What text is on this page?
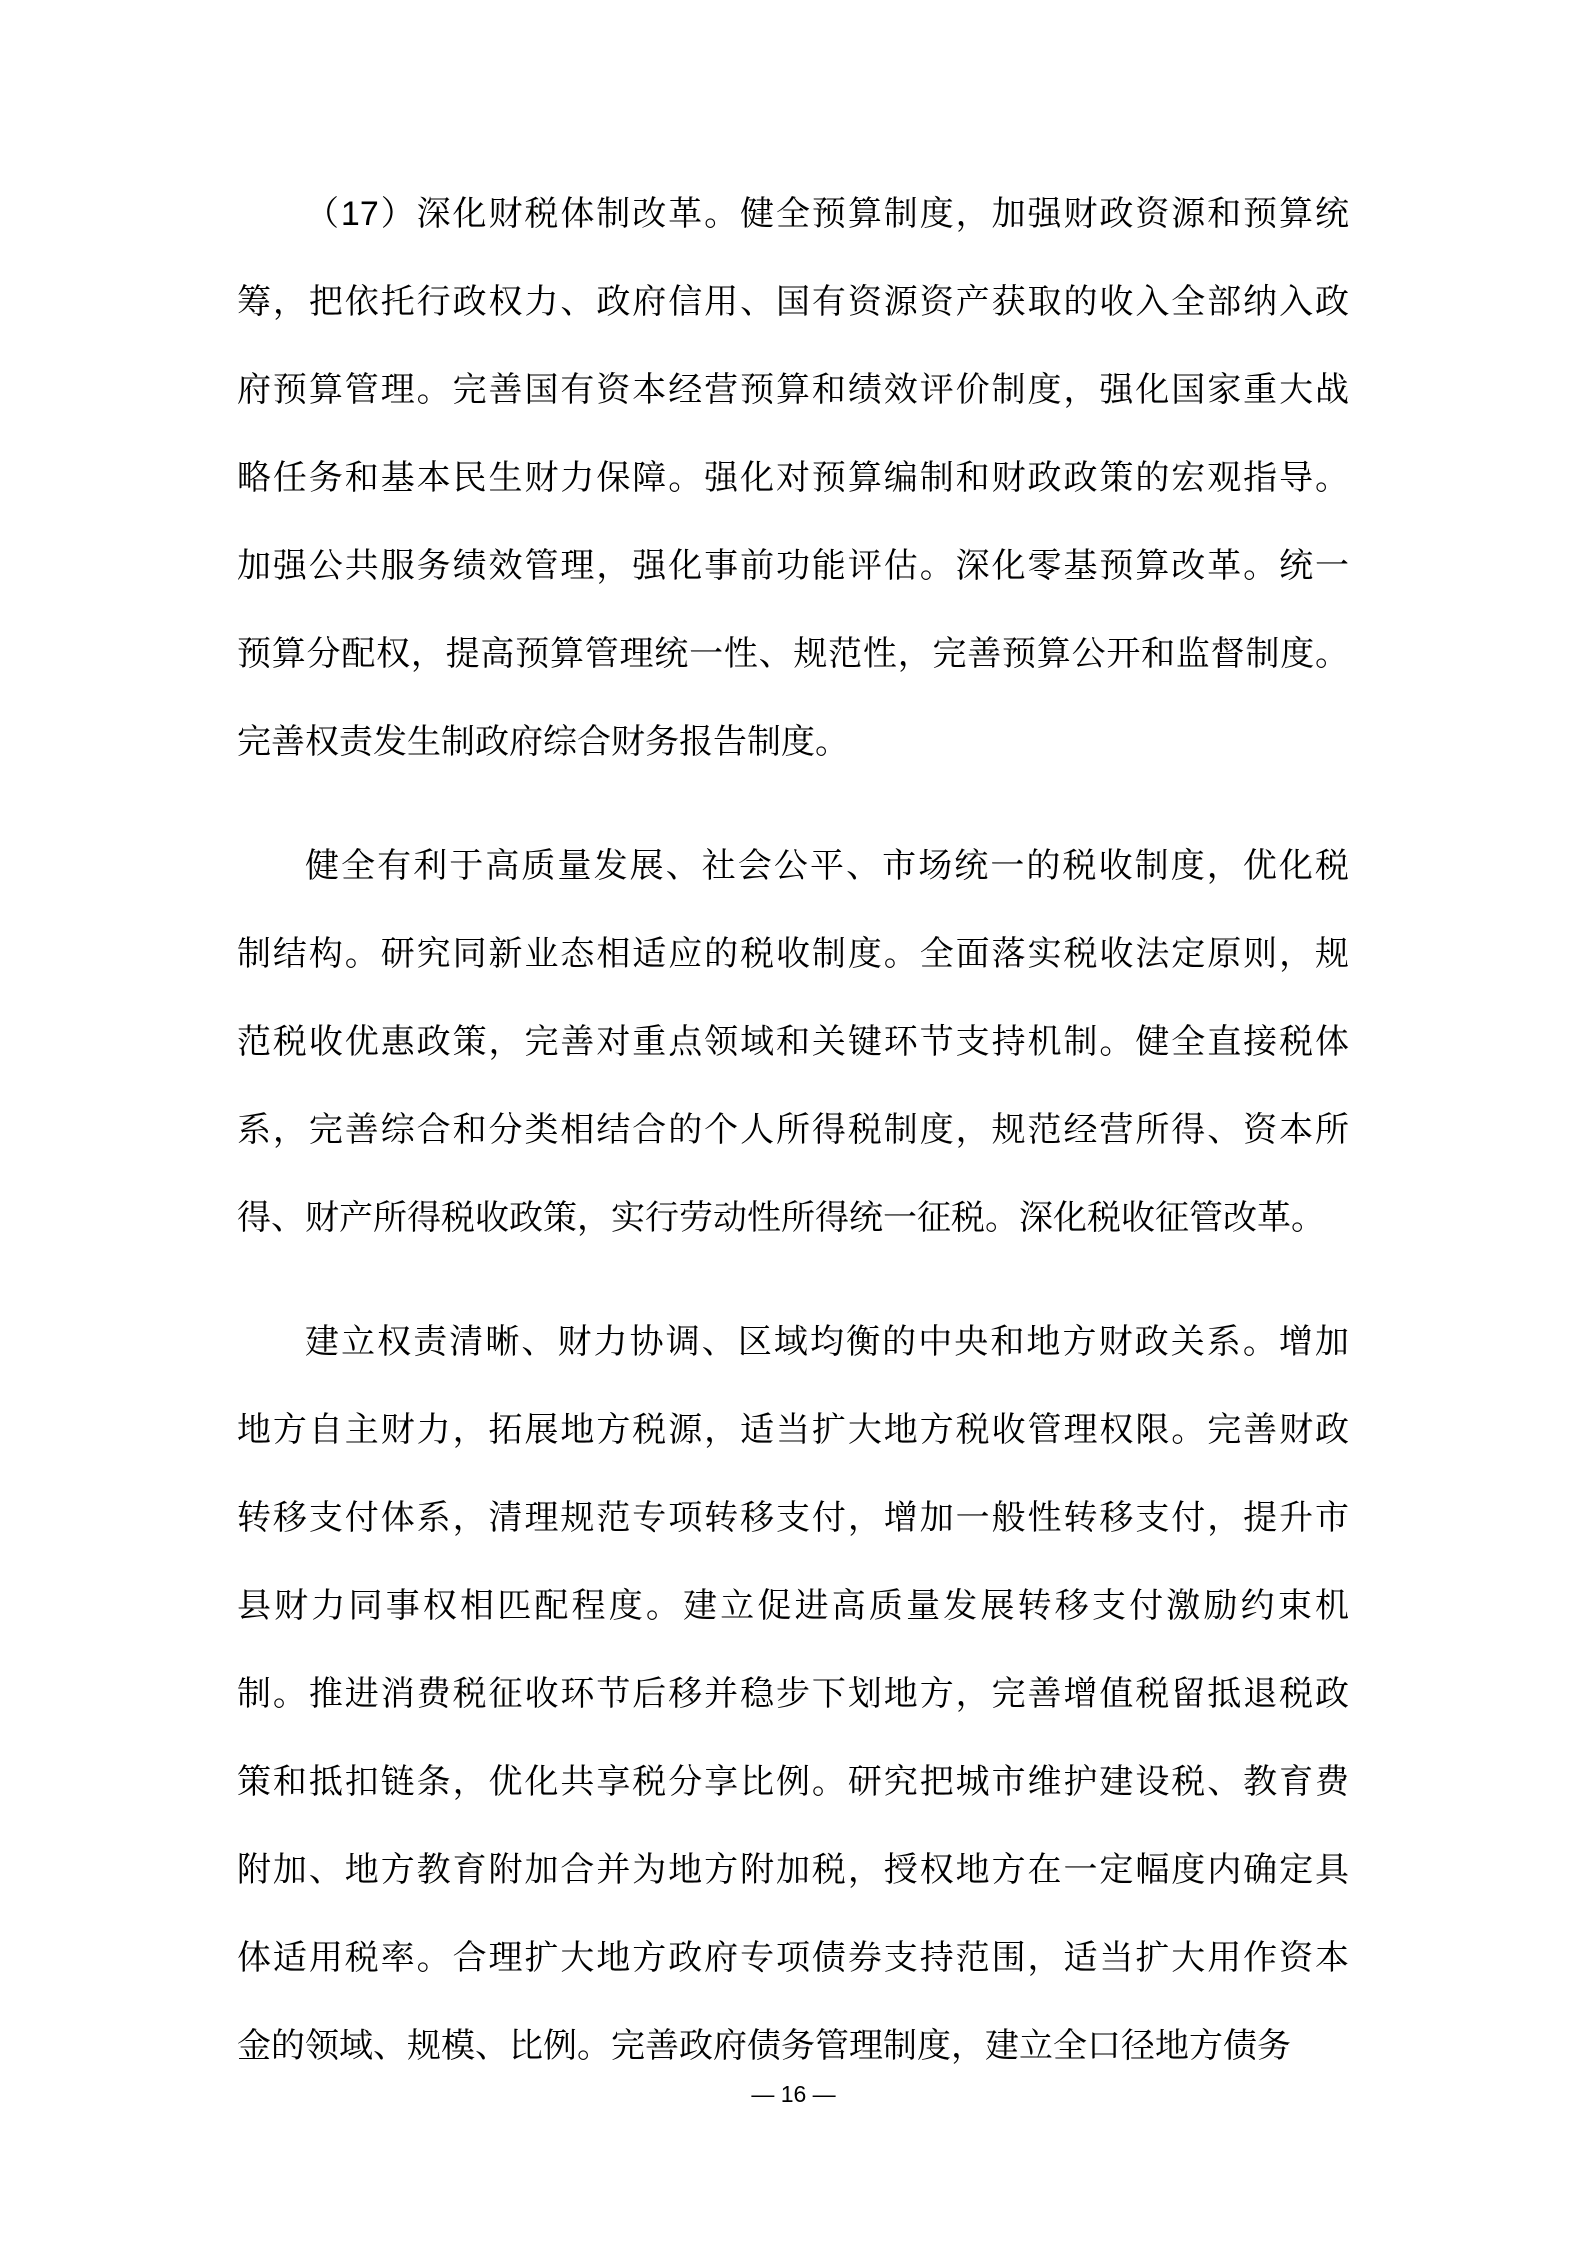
（17）深化财税体制改革。健全预算制度，加强财政资源和预算统
筹，把依托行政权力、政府信用、国有资源资产获取的收入全部纳入政
府预算管理。完善国有资本经营预算和绩效评价制度，强化国家重大战
略任务和基本民生财力保障。强化对预算编制和财政政策的宏观指导。
加强公共服务绩效管理，强化事前功能评估。深化零基预算改革。统一
预算分配权，提高预算管理统一性、规范性，完善预算公开和监督制度。
完善权责发生制政府综合财务报告制度。
健全有利于高质量发展、社会公平、市场统一的税收制度，优化税
制结构。研究同新业态相适应的税收制度。全面落实税收法定原则，规
范税收优惠政策，完善对重点领域和关键环节支持机制。健全直接税体
系，完善综合和分类相结合的个人所得税制度，规范经营所得、资本所
得、财产所得税收政策，实行劳动性所得统一征税。深化税收征管改革。
建立权责清晰、财力协调、区域均衡的中央和地方财政关系。增加
地方自主财力，拓展地方税源，适当扩大地方税收管理权限。完善财政
转移支付体系，清理规范专项转移支付，增加一般性转移支付，提升市
县财力同事权相匹配程度。建立促进高质量发展转移支付激励约束机
制。推进消费税征收环节后移并稳步下划地方，完善增值税留抵退税政
策和抵扣链条，优化共享税分享比例。研究把城市维护建设税、教育费
附加、地方教育附加合并为地方附加税，授权地方在一定幅度内确定具
体适用税率。合理扩大地方政府专项债券支持范围，适当扩大用作资本
金的领域、规模、比例。完善政府债务管理制度，建立全口径地方债务
— 16 —
